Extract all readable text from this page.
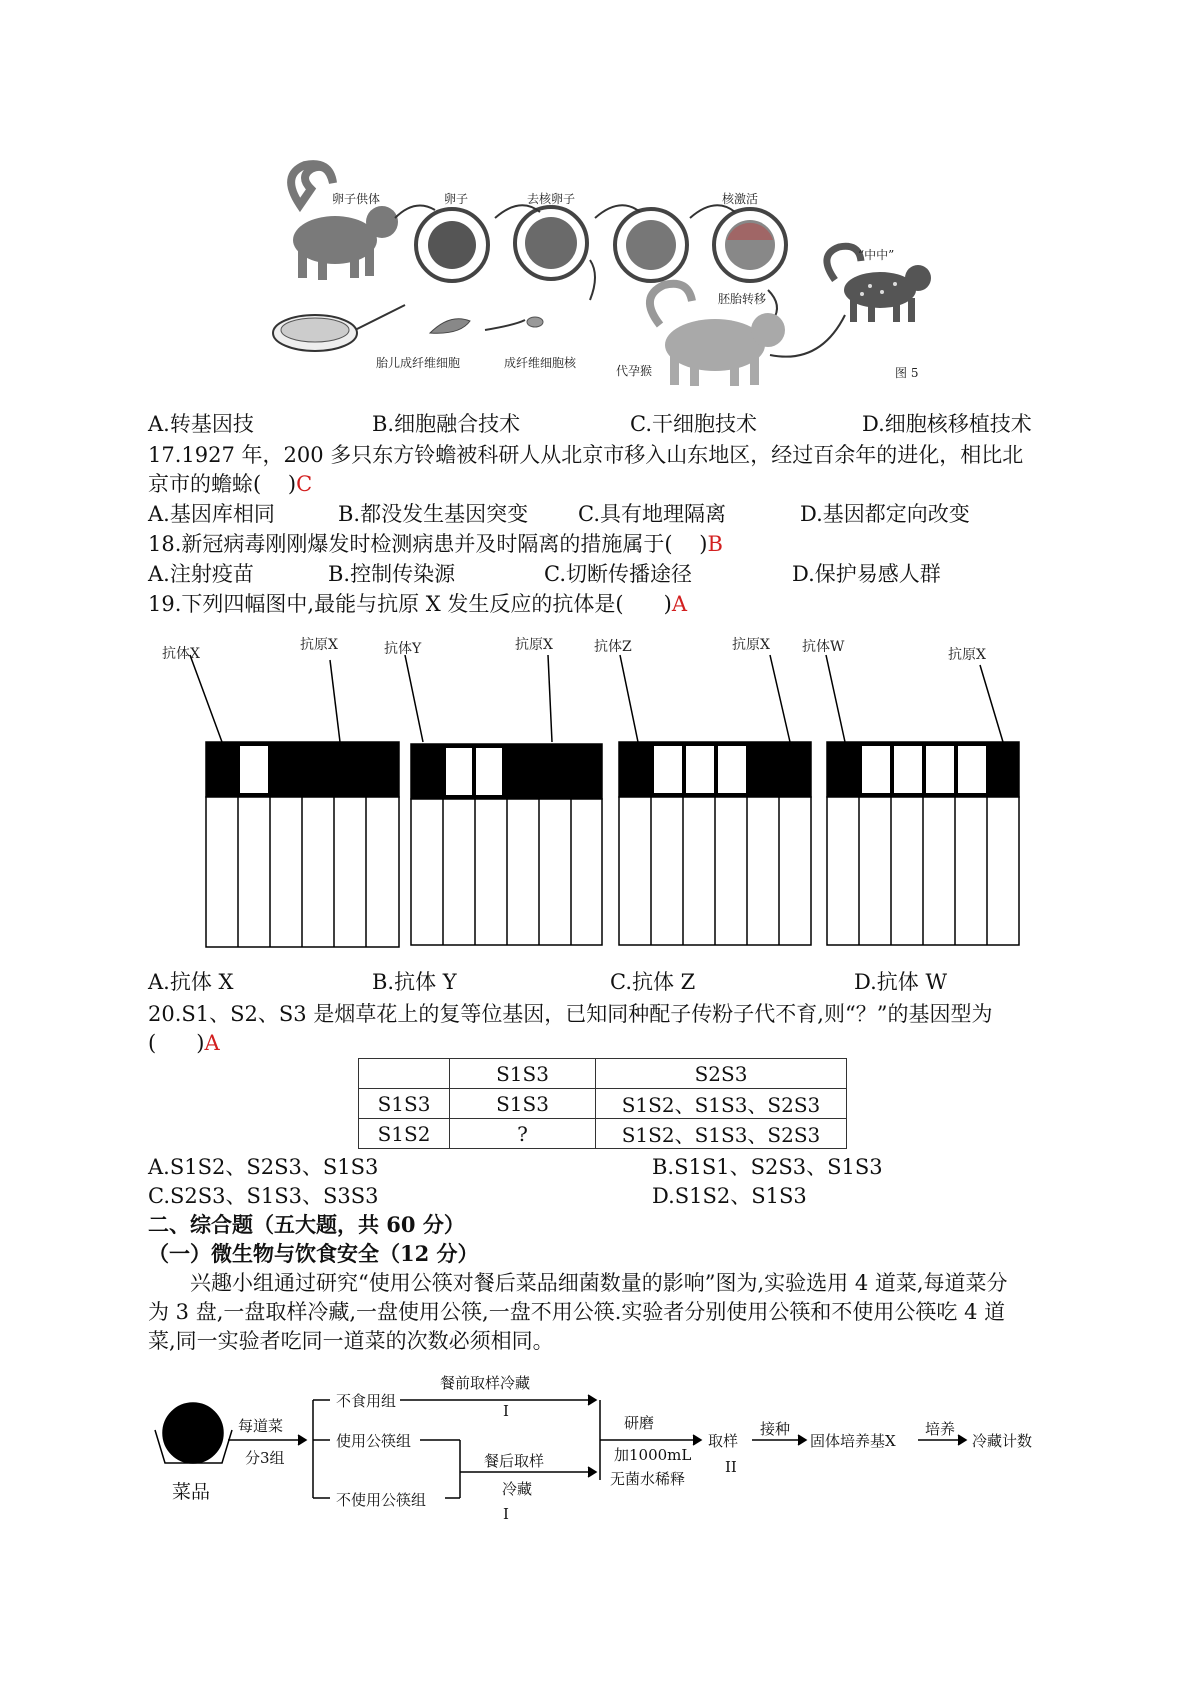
卵子供体	卵子	去核卵子	核激活
“中中”
胚胎转移
胎儿成纤维细胞	成纤维细胞核
代孕猴	图 5
A.转基因技	B.细胞融合技术	C.干细胞技术	D.细胞核移植技术
17.1927 年，200 多只东方铃蟾被科研人从北京市移入山东地区，经过百余年的进化，相比北
京市的蟾蜍( )C
A.基因库相同	B.都没发生基因突变 C.具有地理隔离	D.基因都定向改变
18.新冠病毒刚刚爆发时检测病患并及时隔离的措施属于( )B
A.注射疫苗	B.控制传染源	C.切断传播途径	D.保护易感人群
19.下列四幅图中,最能与抗原 X 发生反应的抗体是( )A
抗体X
抗原X	抗体Y	抗原X	抗体Z	抗原X 抗体W	抗原X
A.抗体 X	B.抗体 Y	C.抗体 Z	D.抗体 W
20.S1、S2、S3 是烟草花上的复等位基因，已知同种配子传粉子代不育,则“？”的基因型为
( )A
	S1S3	S2S3
S1S3	S1S3	S1S2、S1S3、S2S3
S1S2	?	S1S2、S1S3、S2S3
A.S1S2、S2S3、S1S3	B.S1S1、S2S3、S1S3
C.S2S3、S1S3、S3S3	D.S1S2、S1S3
二、综合题（五大题，共 60 分）
（一）微生物与饮食安全（12 分）
兴趣小组通过研究“使用公筷对餐后菜品细菌数量的影响”图为,实验选用 4 道菜,每道菜分
为 3 盘,一盘取样冷藏,一盘使用公筷,一盘不用公筷.实验者分别使用公筷和不使用公筷吃 4 道
菜,同一实验者吃同一道菜的次数必须相同。
菜品
每道菜
分3组
不食用组
使用公筷组
不使用公筷组
餐前取样冷藏
I
餐后取样
冷藏
I
研磨
加1000mL
无菌水稀释
取样
II
接种
固体培养基X
培养
冷藏计数
